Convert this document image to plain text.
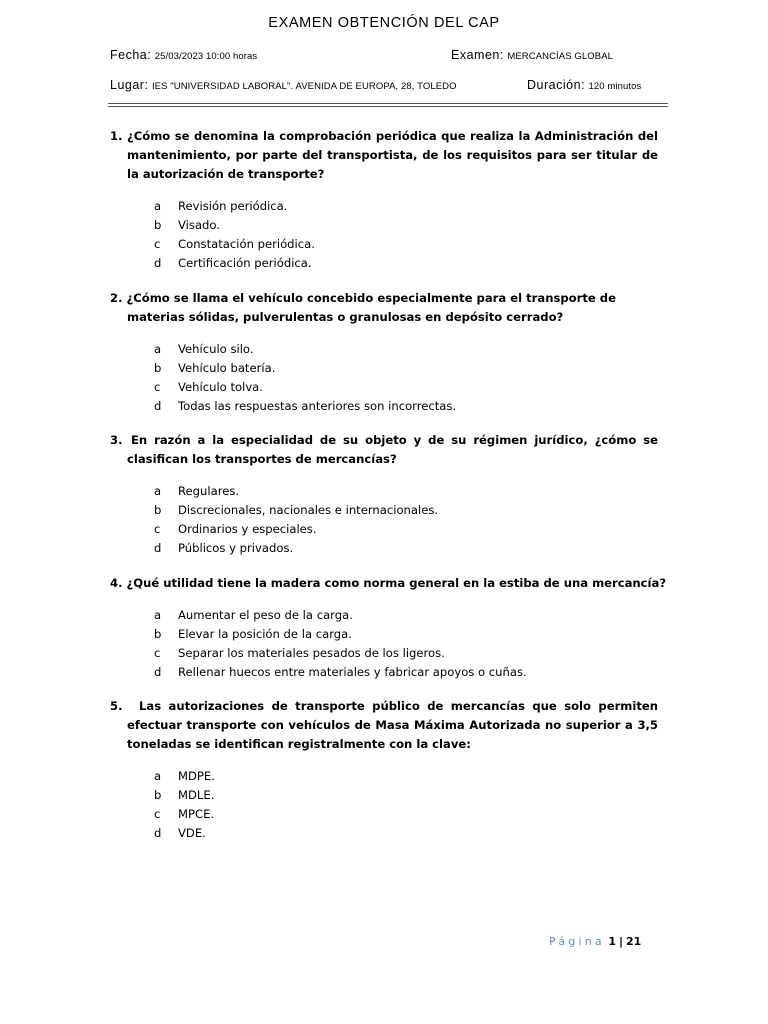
EXAMEN OBTENCIÓN DEL CAP
Fecha: 25/03/2023 10:00 horas	Examen: MERCANCÍAS GLOBAL
Lugar: IES "UNIVERSIDAD LABORAL". AVENIDA DE EUROPA, 28, TOLEDO	Duración: 120 minutos
1. ¿Cómo se denomina la comprobación periódica que realiza la Administración del mantenimiento, por parte del transportista, de los requisitos para ser titular de la autorización de transporte?
a Revisión periódica.
b Visado.
c Constatación periódica.
d Certificación periódica.
2. ¿Cómo se llama el vehículo concebido especialmente para el transporte de materias sólidas, pulverulentas o granulosas en depósito cerrado?
a Vehículo silo.
b Vehículo batería.
c Vehículo tolva.
d Todas las respuestas anteriores son incorrectas.
3. En razón a la especialidad de su objeto y de su régimen jurídico, ¿cómo se clasifican los transportes de mercancías?
a Regulares.
b Discrecionales, nacionales e internacionales.
c Ordinarios y especiales.
d Públicos y privados.
4. ¿Qué utilidad tiene la madera como norma general en la estiba de una mercancía?
a Aumentar el peso de la carga.
b Elevar la posición de la carga.
c Separar los materiales pesados de los ligeros.
d Rellenar huecos entre materiales y fabricar apoyos o cuñas.
5. Las autorizaciones de transporte público de mercancías que solo permiten efectuar transporte con vehículos de Masa Máxima Autorizada no superior a 3,5 toneladas se identifican registralmente con la clave:
a MDPE.
b MDLE.
c MPCE.
d VDE.
Página 1 | 21
